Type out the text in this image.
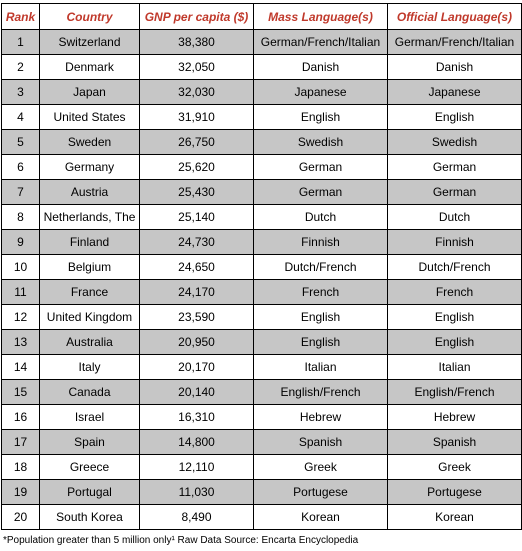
Rank	Country	GNP per capita ($)	Mass Language(s)	Official Language(s)
1	Switzerland	38,380	German/French/Italian	German/French/Italian
2	Denmark	32,050	Danish	Danish
3	Japan	32,030	Japanese	Japanese
4	United States	31,910	English	English
5	Sweden	26,750	Swedish	Swedish
6	Germany	25,620	German	German
7	Austria	25,430	German	German
8	Netherlands, The	25,140	Dutch	Dutch
9	Finland	24,730	Finnish	Finnish
10	Belgium	24,650	Dutch/French	Dutch/French
11	France	24,170	French	French
12	United Kingdom	23,590	English	English
13	Australia	20,950	English	English
14	Italy	20,170	Italian	Italian
15	Canada	20,140	English/French	English/French
16	Israel	16,310	Hebrew	Hebrew
17	Spain	14,800	Spanish	Spanish
18	Greece	12,110	Greek	Greek
19	Portugal	11,030	Portugese	Portugese
20	South Korea	8,490	Korean	Korean
*Population greater than 5 million only¹ Raw Data Source: Encarta Encyclopedia
